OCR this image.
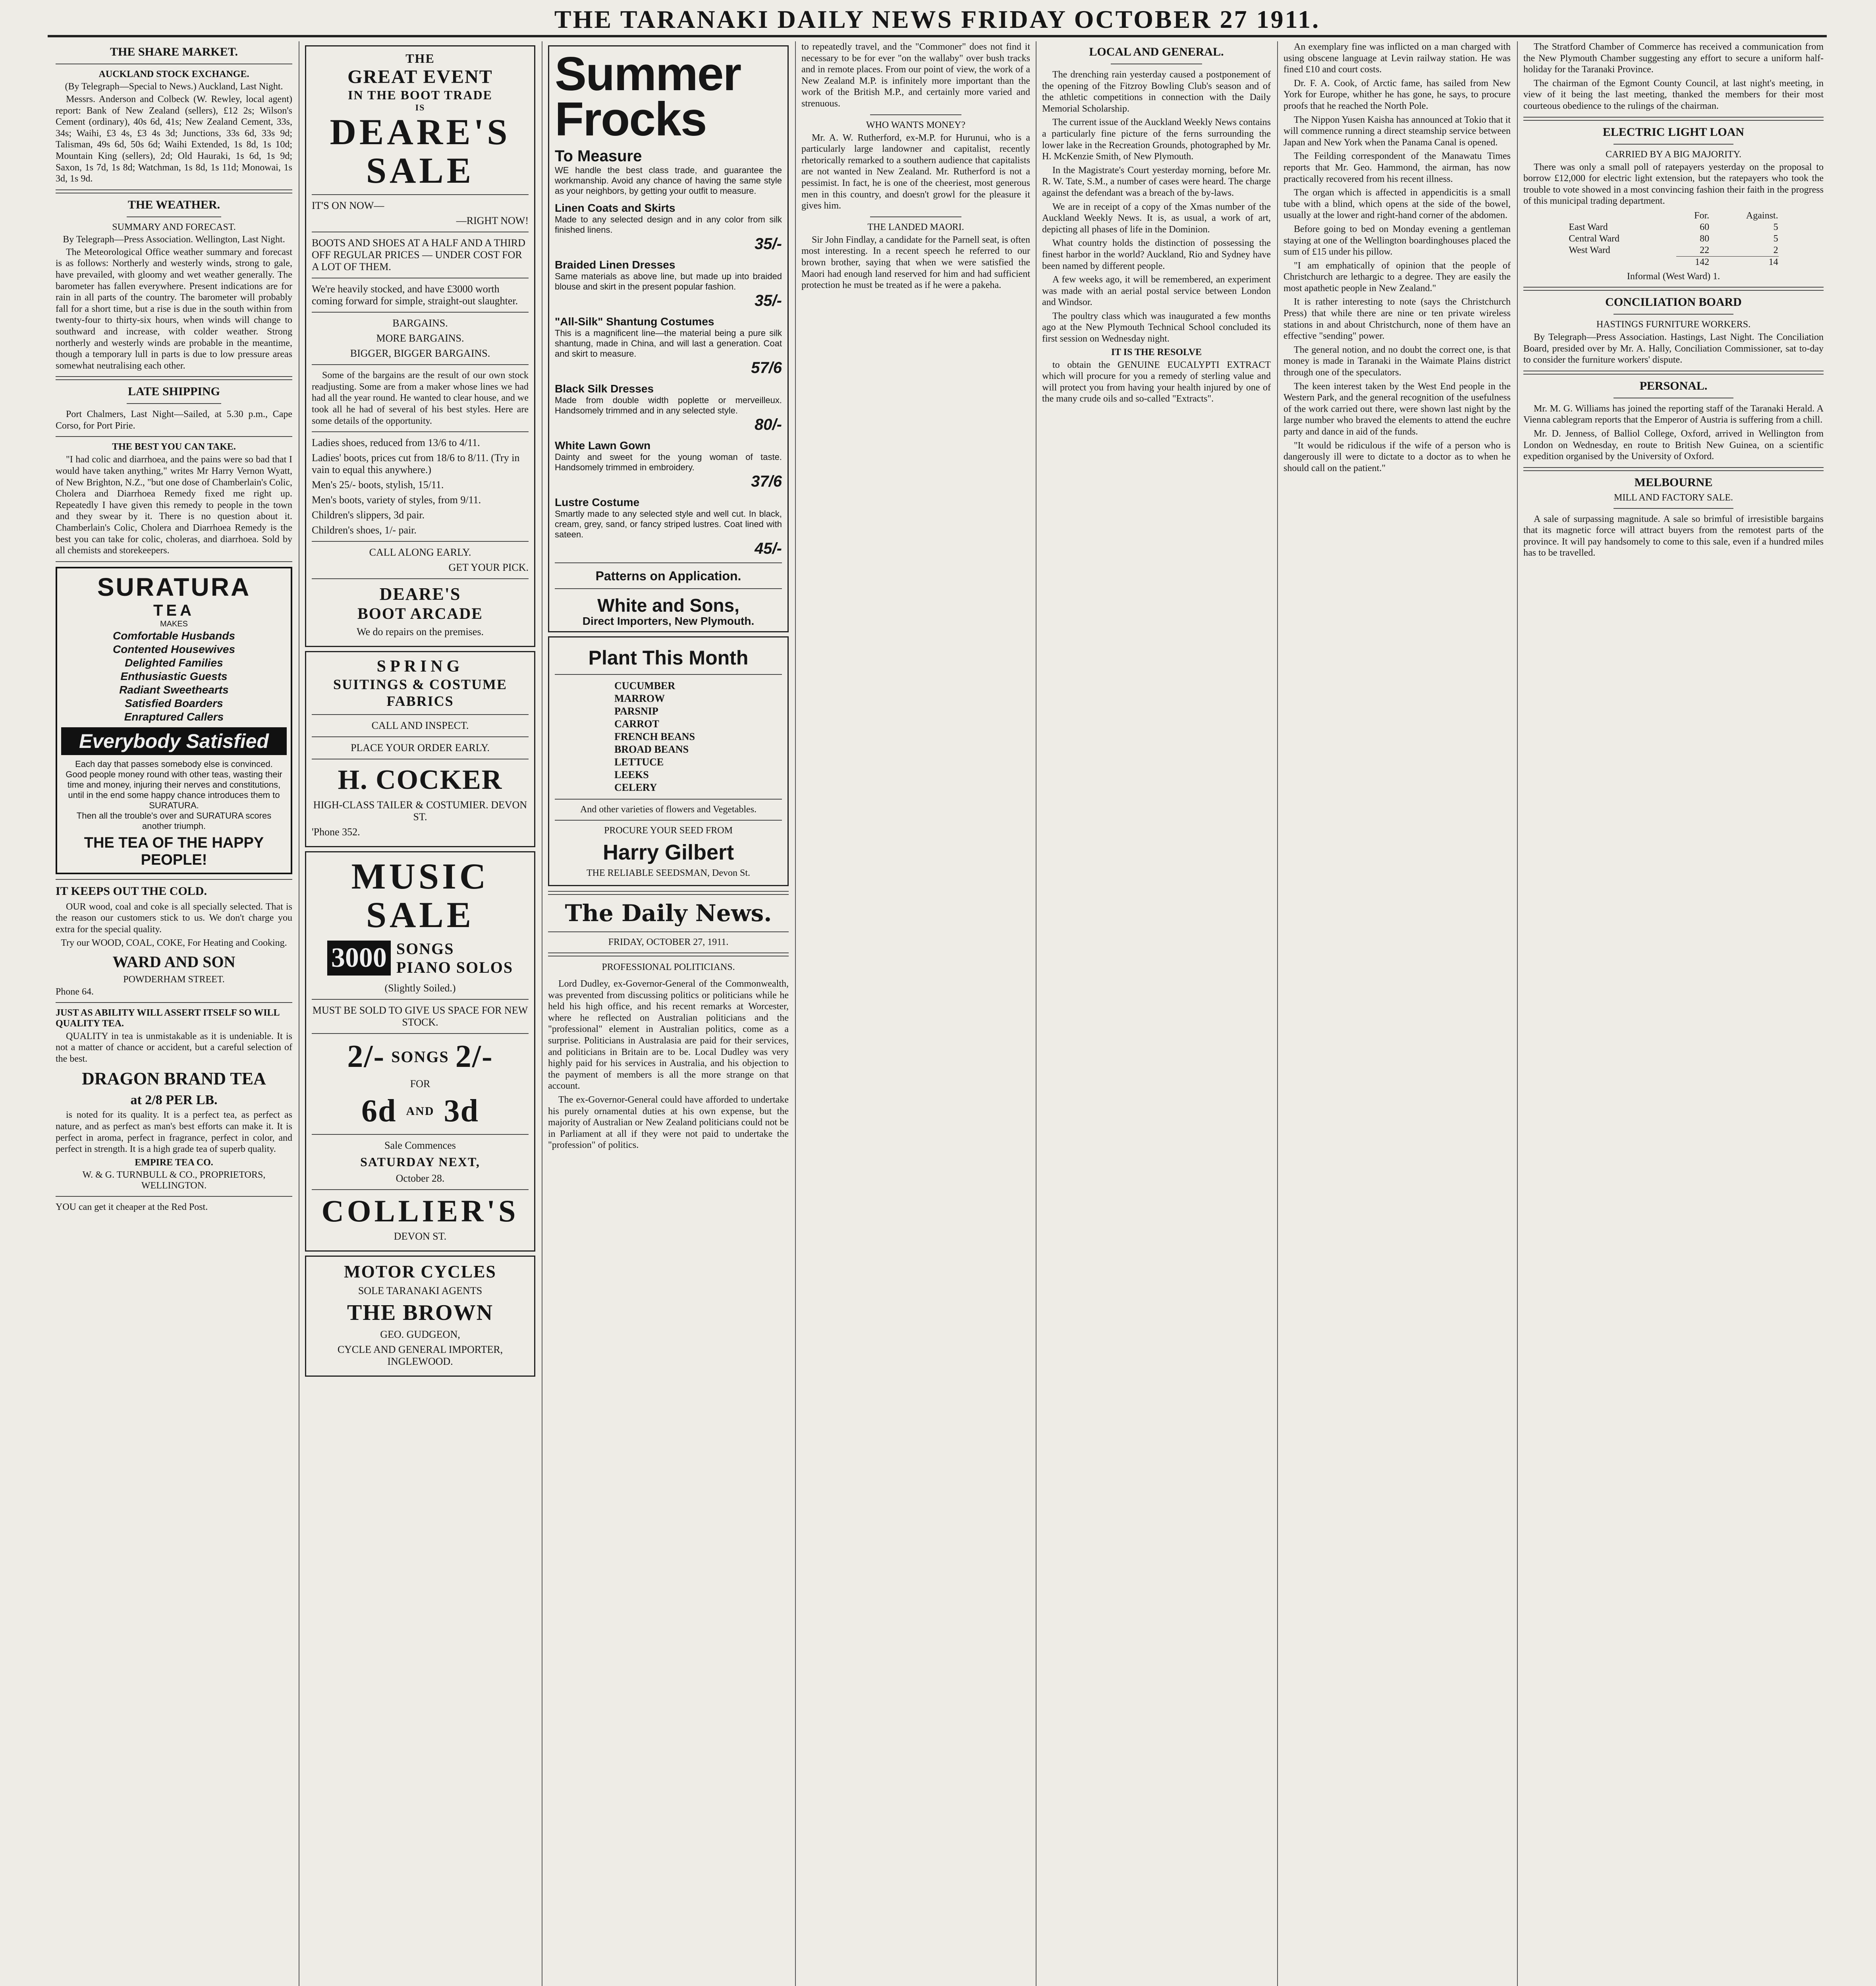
THE TARANAKI DAILY NEWS FRIDAY OCTOBER 27 1911.
THE SHARE MARKET.
AUCKLAND STOCK EXCHANGE.
(By Telegraph—Special to News.) Auckland, Last Night.

Messrs. Anderson and Colbeck (W. Rewley, local agent) report: Bank of New Zealand (sellers), £12 2s; Wilson's Cement (ordinary), 40s 6d, 41s; New Zealand Cement, 33s, 34s; Waihi, £3 4s, £3 4s 3d; Junctions, 33s 6d, 33s 9d; Talisman, 49s 6d, 50s 6d; Waihi Extended, 1s 8d, 1s 10d; Mountain King (sellers), 2d; Old Hauraki, 1s 6d, 1s 9d; Saxon, 1s 7d, 1s 8d; Watchman, 1s 8d, 1s 11d; Monowai, 1s 3d, 1s 9d.

THE WEATHER.
SUMMARY AND FORECAST.
By Telegraph—Press Association. Wellington, Last Night.

The Meteorological Office weather summary and forecast is as follows: Northerly and westerly winds, strong to gale, have prevailed, with gloomy and wet weather generally. The barometer has fallen everywhere. Present indications are for rain in all parts of the country. The barometer will probably fall for a short time, but a rise is due in the south within from twenty-four to thirty-six hours, when winds will change to southward and increase, with colder weather. Strong northerly and westerly winds are probable in the meantime, though a temporary lull in parts is due to low pressure areas somewhat neutralising each other.

LATE SHIPPING

Port Chalmers, Last Night—Sailed, at 5.30 p.m., Cape Corso, for Port Pirie.

THE BEST YOU CAN TAKE.

"I had colic and diarrhoea, and the pains were so bad that I would have taken anything," writes Mr Harry Vernon Wyatt, of New Brighton, N.Z., "but one dose of Chamberlain's Colic, Cholera and Diarrhoea Remedy fixed me right up. Repeatedly I have given this remedy to people in the town and they swear by it. There is no question about it. Chamberlain's Colic, Cholera and Diarrhoea Remedy is the best you can take for colic, choleras, and diarrhoea. Sold by all chemists and storekeepers.

SURATURA
TEA
MAKES
Comfortable Husbands
Contented Housewives
Delighted Families
Enthusiastic Guests
Radiant Sweethearts
Satisfied Boarders
Enraptured Callers
Everybody Satisfied
Each day that passes somebody else is convinced.
Good people money round with other teas, wasting their time and money, injuring their nerves and constitutions, until in the end some happy chance introduces them to SURATURA.
Then all the trouble's over and SURATURA scores another triumph.
THE TEA OF THE HAPPY PEOPLE!
IT KEEPS OUT THE COLD.

OUR wood, coal and coke is all specially selected. That is the reason our customers stick to us. We don't charge you extra for the special quality.

Try our WOOD, COAL, COKE, For Heating and Cooking.
WARD AND SON
POWDERHAM STREET.
Phone 64.
JUST AS ABILITY WILL ASSERT ITSELF SO WILL QUALITY TEA.

QUALITY in tea is unmistakable as it is undeniable. It is not a matter of chance or accident, but a careful selection of the best.

DRAGON BRAND TEA
at 2/8 PER LB.

is noted for its quality. It is a perfect tea, as perfect as nature, and as perfect as man's best efforts can make it. It is perfect in aroma, perfect in fragrance, perfect in color, and perfect in strength. It is a high grade tea of superb quality.

EMPIRE TEA CO.
W. & G. TURNBULL & CO., PROPRIETORS, WELLINGTON.
YOU can get it cheaper at the Red Post.
THE
GREAT EVENT
IN THE BOOT TRADE
IS
DEARE'S
SALE
IT'S ON NOW—
—RIGHT NOW!
BOOTS AND SHOES AT A HALF AND A THIRD OFF REGULAR PRICES — UNDER COST FOR A LOT OF THEM.
We're heavily stocked, and have £3000 worth coming forward for simple, straight-out slaughter.
BARGAINS.
MORE BARGAINS.
BIGGER, BIGGER BARGAINS.

Some of the bargains are the result of our own stock readjusting. Some are from a maker whose lines we had had all the year round. He wanted to clear house, and we took all he had of several of his best styles. Here are some details of the opportunity.

Ladies shoes, reduced from 13/6 to 4/11.
Ladies' boots, prices cut from 18/6 to 8/11. (Try in vain to equal this anywhere.)
Men's 25/- boots, stylish, 15/11.
Men's boots, variety of styles, from 9/11.
Children's slippers, 3d pair.
Children's shoes, 1/- pair.
CALL ALONG EARLY.
GET YOUR PICK.
DEARE'S
BOOT ARCADE
We do repairs on the premises.
SPRING
SUITINGS & COSTUME
FABRICS
CALL AND INSPECT.
PLACE YOUR ORDER EARLY.
H. COCKER
HIGH-CLASS TAILER & COSTUMIER. DEVON ST.
'Phone 352.
MUSIC
SALE
3000 SONGS
PIANO SOLOS
(Slightly Soiled.)
MUST BE SOLD TO GIVE US SPACE FOR NEW STOCK.
2/- SONGS 2/-
FOR
6d AND 3d
Sale Commences
SATURDAY NEXT,
October 28.
COLLIER'S
DEVON ST.
MOTOR CYCLES
SOLE TARANAKI AGENTS
THE BROWN
GEO. GUDGEON,
CYCLE AND GENERAL IMPORTER, INGLEWOOD.
Summer
Frocks
To Measure
WE handle the best class trade, and guarantee the workmanship. Avoid any chance of having the same style as your neighbors, by getting your outfit to measure.
Linen Coats and Skirts
Made to any selected design and in any color from silk finished linens.
35/-
Braided Linen Dresses
Same materials as above line, but made up into braided blouse and skirt in the present popular fashion.
35/-
"All-Silk" Shantung Costumes
This is a magnificent line—the material being a pure silk shantung, made in China, and will last a generation. Coat and skirt to measure.
57/6
Black Silk Dresses
Made from double width poplette or merveilleux. Handsomely trimmed and in any selected style.
80/-
White Lawn Gown
Dainty and sweet for the young woman of taste. Handsomely trimmed in embroidery.
37/6
Lustre Costume
Smartly made to any selected style and well cut. In black, cream, grey, sand, or fancy striped lustres. Coat lined with sateen.
45/-
Patterns on Application.
White and Sons,
Direct Importers, New Plymouth.
Plant This Month
CUCUMBER
MARROW
PARSNIP
CARROT
FRENCH BEANS
BROAD BEANS
LETTUCE
LEEKS
CELERY
And other varieties of flowers and Vegetables.
PROCURE YOUR SEED FROM
Harry Gilbert
THE RELIABLE SEEDSMAN, Devon St.
The Daily News.
FRIDAY, OCTOBER 27, 1911.
PROFESSIONAL POLITICIANS.

Lord Dudley, ex-Governor-General of the Commonwealth, was prevented from discussing politics or politicians while he held his high office, and his recent remarks at Worcester, where he reflected on Australian politicians and the "professional" element in Australian politics, come as a surprise. Politicians in Australasia are paid for their services, and politicians in Britain are to be. Local Dudley was very highly paid for his services in Australia, and his objection to the payment of members is all the more strange on that account.

The ex-Governor-General could have afforded to undertake his purely ornamental duties at his own expense, but the majority of Australian or New Zealand politicians could not be in Parliament at all if they were not paid to undertake the "profession" of politics.

to repeatedly travel, and the "Commoner" does not find it necessary to be for ever "on the wallaby" over bush tracks and in remote places. From our point of view, the work of a New Zealand M.P. is infinitely more important than the work of the British M.P., and certainly more varied and strenuous.

WHO WANTS MONEY?

Mr. A. W. Rutherford, ex-M.P. for Hurunui, who is a particularly large landowner and capitalist, recently rhetorically remarked to a southern audience that capitalists are not wanted in New Zealand. Mr. Rutherford is not a pessimist. In fact, he is one of the cheeriest, most generous men in this country, and doesn't growl for the pleasure it gives him.

THE LANDED MAORI.

Sir John Findlay, a candidate for the Parnell seat, is often most interesting. In a recent speech he referred to our brown brother, saying that when we were satisfied the Maori had enough land reserved for him and had sufficient protection he must be treated as if he were a pakeha.

LOCAL AND GENERAL.

The drenching rain yesterday caused a postponement of the opening of the Fitzroy Bowling Club's season and of the athletic competitions in connection with the Daily Memorial Scholarship.

The current issue of the Auckland Weekly News contains a particularly fine picture of the ferns surrounding the lower lake in the Recreation Grounds, photographed by Mr. H. McKenzie Smith, of New Plymouth.

In the Magistrate's Court yesterday morning, before Mr. R. W. Tate, S.M., a number of cases were heard. The charge against the defendant was a breach of the by-laws.

We are in receipt of a copy of the Xmas number of the Auckland Weekly News. It is, as usual, a work of art, depicting all phases of life in the Dominion.

What country holds the distinction of possessing the finest harbor in the world? Auckland, Rio and Sydney have been named by different people.

A few weeks ago, it will be remembered, an experiment was made with an aerial postal service between London and Windsor.

The poultry class which was inaugurated a few months ago at the New Plymouth Technical School concluded its first session on Wednesday night.

IT IS THE RESOLVE

to obtain the GENUINE EUCALYPTI EXTRACT which will procure for you a remedy of sterling value and will protect you from having your health injured by one of the many crude oils and so-called "Extracts".

An exemplary fine was inflicted on a man charged with using obscene language at Levin railway station. He was fined £10 and court costs.

Dr. F. A. Cook, of Arctic fame, has sailed from New York for Europe, whither he has gone, he says, to procure proofs that he reached the North Pole.

The Nippon Yusen Kaisha has announced at Tokio that it will commence running a direct steamship service between Japan and New York when the Panama Canal is opened.

The Feilding correspondent of the Manawatu Times reports that Mr. Geo. Hammond, the airman, has now practically recovered from his recent illness.

The organ which is affected in appendicitis is a small tube with a blind, which opens at the side of the bowel, usually at the lower and right-hand corner of the abdomen.

Before going to bed on Monday evening a gentleman staying at one of the Wellington boardinghouses placed the sum of £15 under his pillow.

"I am emphatically of opinion that the people of Christchurch are lethargic to a degree. They are easily the most apathetic people in New Zealand."

It is rather interesting to note (says the Christchurch Press) that while there are nine or ten private wireless stations in and about Christchurch, none of them have an effective "sending" power.

The general notion, and no doubt the correct one, is that money is made in Taranaki in the Waimate Plains district through one of the speculators.

The keen interest taken by the West End people in the Western Park, and the general recognition of the usefulness of the work carried out there, were shown last night by the large number who braved the elements to attend the euchre party and dance in aid of the funds.

"It would be ridiculous if the wife of a person who is dangerously ill were to dictate to a doctor as to when he should call on the patient."

The Stratford Chamber of Commerce has received a communication from the New Plymouth Chamber suggesting any effort to secure a uniform half-holiday for the Taranaki Province.

The chairman of the Egmont County Council, at last night's meeting, in view of it being the last meeting, thanked the members for their most courteous obedience to the rulings of the chairman.

ELECTRIC LIGHT LOAN
CARRIED BY A BIG MAJORITY.

There was only a small poll of ratepayers yesterday on the proposal to borrow £12,000 for electric light extension, but the ratepayers who took the trouble to vote showed in a most convincing fashion their faith in the progress of this municipal trading department.

	For.	Against.
East Ward	60	5
Central Ward	80	5
West Ward	22	2
	142	14
Informal (West Ward) 1.
CONCILIATION BOARD
HASTINGS FURNITURE WORKERS.

By Telegraph—Press Association. Hastings, Last Night. The Conciliation Board, presided over by Mr. A. Hally, Conciliation Commissioner, sat to-day to consider the furniture workers' dispute.

PERSONAL.

Mr. M. G. Williams has joined the reporting staff of the Taranaki Herald. A Vienna cablegram reports that the Emperor of Austria is suffering from a chill.

Mr. D. Jenness, of Balliol College, Oxford, arrived in Wellington from London on Wednesday, en route to British New Guinea, on a scientific expedition organised by the University of Oxford.

MELBOURNE
MILL AND FACTORY SALE.

A sale of surpassing magnitude. A sale so brimful of irresistible bargains that its magnetic force will attract buyers from the remotest parts of the province. It will pay handsomely to come to this sale, even if a hundred miles has to be travelled.
